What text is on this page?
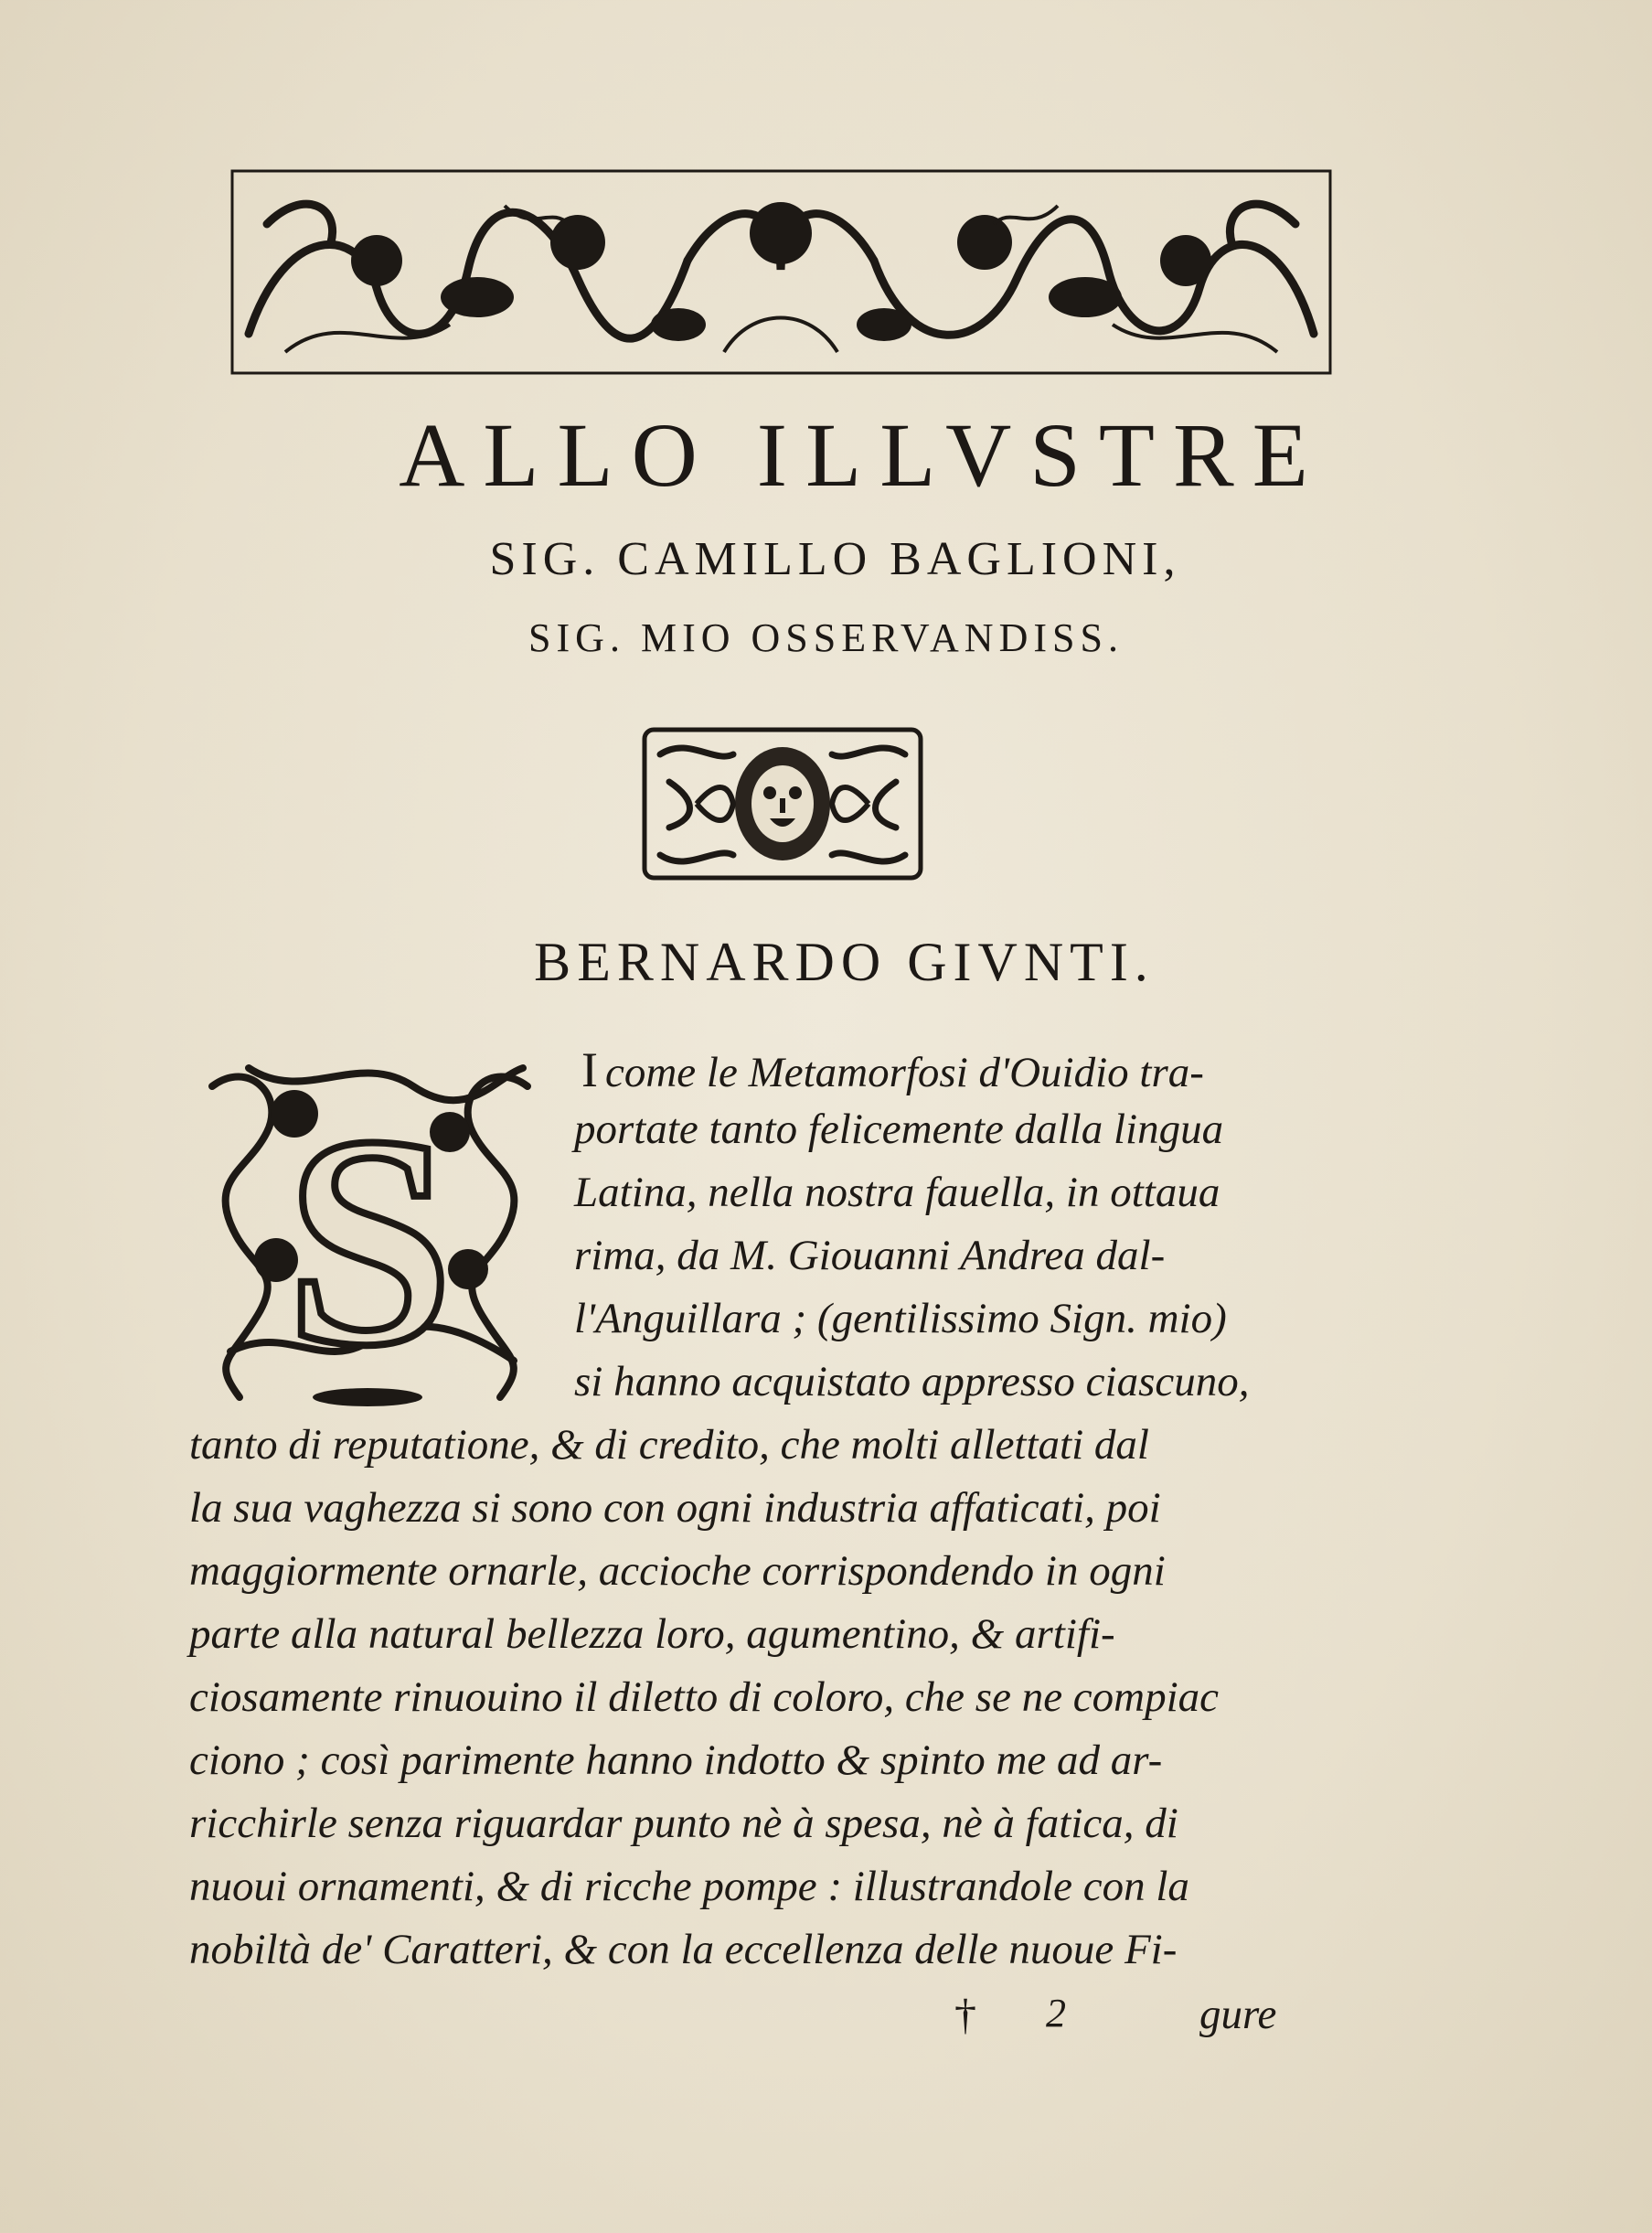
ALLO ILLVSTRE
SIG. CAMILLO BAGLIONI,
SIG. MIO OSSERVANDISS.
BERNARDO GIVNTI.
S
I come le Metamorfosi d'Ouidio tra-
portate tanto felicemente dalla lingua
Latina, nella nostra fauella, in ottaua
rima, da M. Giouanni Andrea dal-
l'Anguillara ; (gentilissimo Sign. mio)
si hanno acquistato appresso ciascuno,
tanto di reputatione, & di credito, che molti allettati dal
la sua vaghezza si sono con ogni industria affaticati, poi
maggiormente ornarle, accioche corrispondendo in ogni
parte alla natural bellezza loro, agumentino, & artifi-
ciosamente rinuouino il diletto di coloro, che se ne compiac
ciono ; così parimente hanno indotto & spinto me ad ar-
ricchirle senza riguardar punto nè à spesa, nè à fatica, di
nuoui ornamenti, & di ricche pompe : illustrandole con la
nobiltà de' Caratteri, & con la eccellenza delle nuoue Fi-
† 2	gure
